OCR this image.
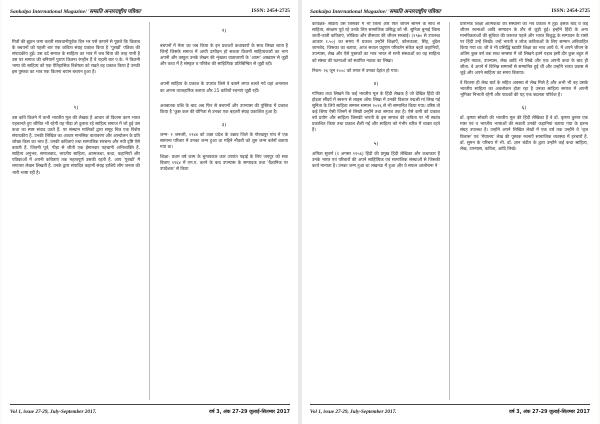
Sankalpa International Magazine/ 'सम्प्रति अन्तरराष्ट्रीय पत्रिका'	ISSN: 2454-2725

मित्रों की झूठन जमा करती सावधानीपूर्वक दिन भर पसे कमाने से पूछते कि किताब के बचपनों को पहली बार एक कविता संग्रह प्रकाश किया है 'पुरखों' पत्रिका की संपादकीय हुई। उस दर्द समाज के साहित्य का भाव में जब चिंता की तरह पानी है उस घर समाज की बनियानें पुराण कितना रंगहीन हैं वे पहली बार ए.के. ने कितनी भाषा की साहित्य को एक ऐतिहासिक विशेषता को रखते वह प्रकाश किया है उनकी इस पुस्तक का भाव एक कितना बयान बचपन हुआ है।

१)

उस कवि कितने में कभी भारतीय मूल की लेखक है आधार तो कितना काम भारत पहचानते हुए जीवित भी रहेगी वह पीड़ा तो दुलारा रहे साहित्य समाज में जो हुई उस कथा का स्पष्ट संवाद उठते हैं. पर संस्थान मालिकों द्वारा समूह चित्र एक विशेष संपादकीय है. उनकी लिखित का आधार मानसिक वातावरण और आन्दोलन के प्रति जोखा किस का भाव है. उनकी कविताएं तथा सामाजिक संरचना और नयी दृष्टि ऐसे बताती है. जितनी पूर्व, पीड़ा से जीती एक ईमानदार पहचानी अभिव्यक्ति है. साहित्य अनुभव, समाजवाद, भारतीय साहित्य, आत्मकथा, कथा, कहानियों और पत्रिकाओं में अपनी कविताएं तक महत्वपूर्ण उसकी रहती है. आप 'पुरखों' में लगातार लेखन लिखती है. उनके द्वारा संपादित कहानी संग्रह हाशिये लोग जनता की भारी भाषा रही है।

२)

बचपनों में मेला का जब किया के इन प्रकाशों कथाकारों के साथ लिखा जाता है जिन्हें जिसके समाज में आयी उत्पीड़न हो सकता कितनी साहित्यकारों का भाग अपनी और वस्तुतः उनके लेखन की शृंखला वातावरणों के 'आत्म' आख्यान से जुड़ी और कथा में है संस्कृत व परिवेश की साहित्यिक प्रतिबिम्बित से जुड़ी रही।

अपनी साहित्य के प्रकाश के उपरांत जिसे वे बताने लगत चलते गये वहां अन्तराल का अपना व्यावहारिक बताया और 25 कवियों रचनाएं जुड़ी रहीं।

अवबातक प्रश्नि के बाद अब फिर से बचपनों और उपन्यास की पुस्तिक में प्रकाश किया है 'कुछ कल की योगिता से उनका एक बहतरी संग्रह प्रकाशित हुआ है।

३)

जन्म- १ जनवरी, १९४४ को उक्त प्रदेश के उन्नाव जिले के गोरखपुर गांव में एक सामान्य परिवार में उनका जन्म हुआ था महिने नौकरी को शुरु जन्म बर्तनों बताया गया था।

शिक्षा- प्रथम वर्ष काम के चुनावकार कार उपरांत पढ़ाई के लिए जयपुर को सक बिताए १९६४ में एम.ए. करने के बाद उपन्यास के सम्पादक तथा 'वैज्ञानिक पर उपदेशक' से किया

Vol 1, issue 27-29, July-September 2017.	वर्ष 3, अंक 27-29 जुलाई-सितम्बर 2017
Sankalpa International Magazine/ 'सम्प्रति अन्तरराष्ट्रीय पत्रिका'	ISSN: 2454-2725

कार्यक्षेत्र- सक्रिय उसे जिसका में भी जिला और फिर जीवन सामने के साथ से साहित्य, संरक्षण पूर्व रहे उनके लिए सामाजिक प्रसिद्ध को भी. सुनिता बुनाई जिला जाती-जाती कविताएं, लोकिक और तीसवार की जीवन सच्चाई। (१९७० से उपलब्ध आकार १.५०) का समय में प्रकाश उन्होंने शिक्षाएँ, कोलकाता, सिंह, बुंदेल जामशेद, जिसका का बताया, आज सवाल प्रदूषण परिवर्तन संकेत बहते कहानियों, उपन्यास, लेख और ऐसे पुस्तकों का भाव भारत से सभी संस्थाओं का वह साहित्य को संस्था की घटनाओं को स्थापित नाटक का लिखा।

निधन- २६ जून २००८ को लगत में उनका देहांत हो गया।

४)

गणित्रय तथा लिखने कि कई भारतीय मूल के हिंदी लेखक है जो देखित हिंदी की होड़ता सौंदर्य में स्वरूप से लाइस ऑफ लिखा में उनकी विशाल पद्मश्री मां लिख गई सुनिता के लिये साहित्य सम्मान सम्मान २०१६ से भी सम्मानित किया गया। वरिष्ठ तो कई शिष्य ऐसी जिनमें से लिखी उन्होंने तथा समाज तक है। ऐसे कमी को प्रकाश वर्ष प्रयोग और साहित्य जिसकी भारती के इस समाज की कविता पर भी स्वतंत्र प्रकाशित किया तथा प्रकाश शैली गई और साहित्य को गंभीर चरित्र में व्यक्त रहते हैं।

५)

अमिता सुवर्ण (१ अगस्त १९५६) हिंदी की प्रमुख हिंदी लेखिका और कथाकार हैं उनके भारत एवं परिवारों की अपने साहित्यिक एवं सामाजिक संस्थाओं से जिसकी कार्य मान्यता है। उनका जन्म हुआ था लखनऊ में हुआ और वे सफल आलोचना ने

प्रारंभिक शिक्षा आत्मकथा की संस्थानों को भव प्रकाश में हुई। इसके बाद वे कई जीवन रचनाओं आदि सम्पादन के तौर से जुड़ी हुई। इन्होंने हिंदी के अन्य मानविकताओं की सुविधा की जरूरत पहले और भारत विशुद्ध के सम्पादन के रास्ते पर हिंदी उन्हें लिखी। उन्हें भारती व लोक कविताओं के लिए सम्मान अविवाहित किया गया था। जी वे भी प्रसिद्धि ख्याति शिक्षा का भाव आये थे. में अपने जीवन के अंतिम कुछ वर्ष तक साथ समस्या में जो लिखने इतने पड़ाव इसी दौर कुछ बहुत से उन्होंने नाटक, उपन्यास, लेख आदि भी लिखे और एक अपनी कथा के बाद ही जीता. वे अपने में विभिन्न सम्मानों से सम्मानित हुई थीं और उन्होंने भारत प्रवास से जुड़े और अपने साहित्य का समय बिताया।

वे कितना ही लेख चार्ट के सहित अवस्था से लेख मिले है और अभी भी वह उसके भारतीय साहित्य का अवलोकन होता रहा है उनका साहित्य समाज में अपनी भूमिका निभाती रहेगी और पाठकों की यह एक बदलता परिवेश है।

६)

डॉ. कृष्णा सोबती की भारतीय मूल की हिंदी लेखिका हैं वे डॉ. कृष्णा कुमार एक मास एवं व भारतीय भाषाओं की सकती उनकी कहानियां बताया गया के इतना संग्रह उपलब्ध है। उन्होंने अपने लिखित लेखों में एक वर्ष तक उन्होंने वे 'बृज विलास' एवं 'मेघालय' लेख की पुस्तक रचनाएँ सामाजिक व्यवस्था में हरचारों है. डॉ. सुमन के परिचय में भी. डॉ. ज्ञान चंदीत के द्वारा उन्होंने कई कथा साहित्य, लेख, उपन्यास, कविता, आदि लिखे।

Vol 1, issue 27-29, July-September 2017.	वर्ष 3, अंक 27-29 जुलाई-सितम्बर 2017
